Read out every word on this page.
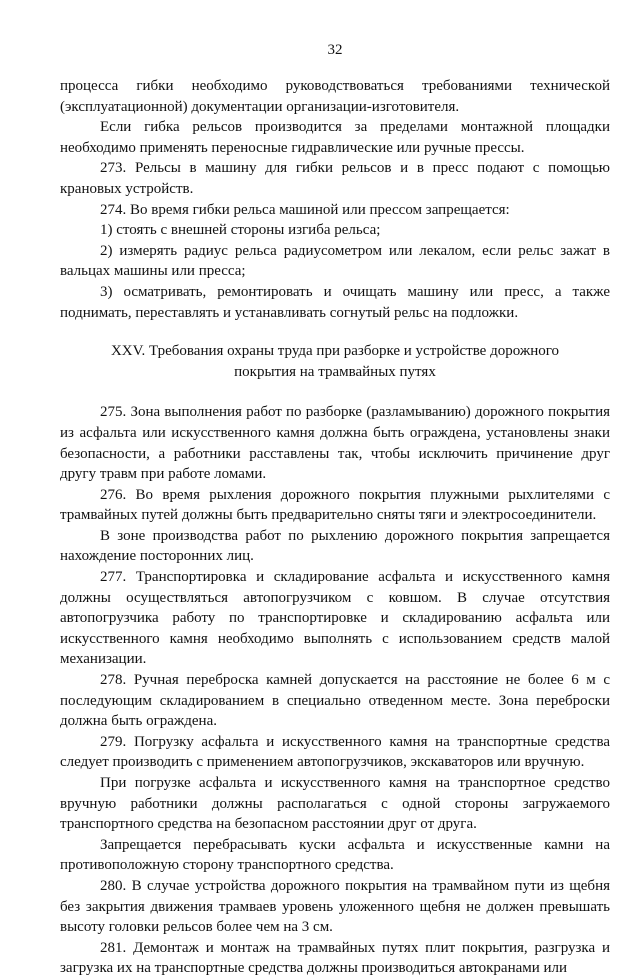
32

процесса гибки необходимо руководствоваться требованиями технической (эксплуатационной) документации организации-изготовителя.

Если гибка рельсов производится за пределами монтажной площадки необходимо применять переносные гидравлические или ручные прессы.

273. Рельсы в машину для гибки рельсов и в пресс подают с помощью крановых устройств.

274. Во время гибки рельса машиной или прессом запрещается:

1) стоять с внешней стороны изгиба рельса;

2) измерять радиус рельса радиусометром или лекалом, если рельс зажат в вальцах машины или пресса;

3) осматривать, ремонтировать и очищать машину или пресс, а также поднимать, переставлять и устанавливать согнутый рельс на подложки.

XXV. Требования охраны труда при разборке и устройстве дорожного
покрытия на трамвайных путях

275. Зона выполнения работ по разборке (разламыванию) дорожного покрытия из асфальта или искусственного камня должна быть ограждена, установлены знаки безопасности, а работники расставлены так, чтобы исключить причинение друг другу травм при работе ломами.

276. Во время рыхления дорожного покрытия плужными рыхлителями с трамвайных путей должны быть предварительно сняты тяги и электросоединители.

В зоне производства работ по рыхлению дорожного покрытия запрещается нахождение посторонних лиц.

277. Транспортировка и складирование асфальта и искусственного камня должны осуществляться автопогрузчиком с ковшом. В случае отсутствия автопогрузчика работу по транспортировке и складированию асфальта или искусственного камня необходимо выполнять с использованием средств малой механизации.

278. Ручная переброска камней допускается на расстояние не более 6 м с последующим складированием в специально отведенном месте. Зона переброски должна быть ограждена.

279. Погрузку асфальта и искусственного камня на транспортные средства следует производить с применением автопогрузчиков, экскаваторов или вручную.

При погрузке асфальта и искусственного камня на транспортное средство вручную работники должны располагаться с одной стороны загружаемого транспортного средства на безопасном расстоянии друг от друга.

Запрещается перебрасывать куски асфальта и искусственные камни на противоположную сторону транспортного средства.

280. В случае устройства дорожного покрытия на трамвайном пути из щебня без закрытия движения трамваев уровень уложенного щебня не должен превышать высоту головки рельсов более чем на 3 см.

281. Демонтаж и монтаж на трамвайных путях плит покрытия, разгрузка и загрузка их на транспортные средства должны производиться автокранами или
